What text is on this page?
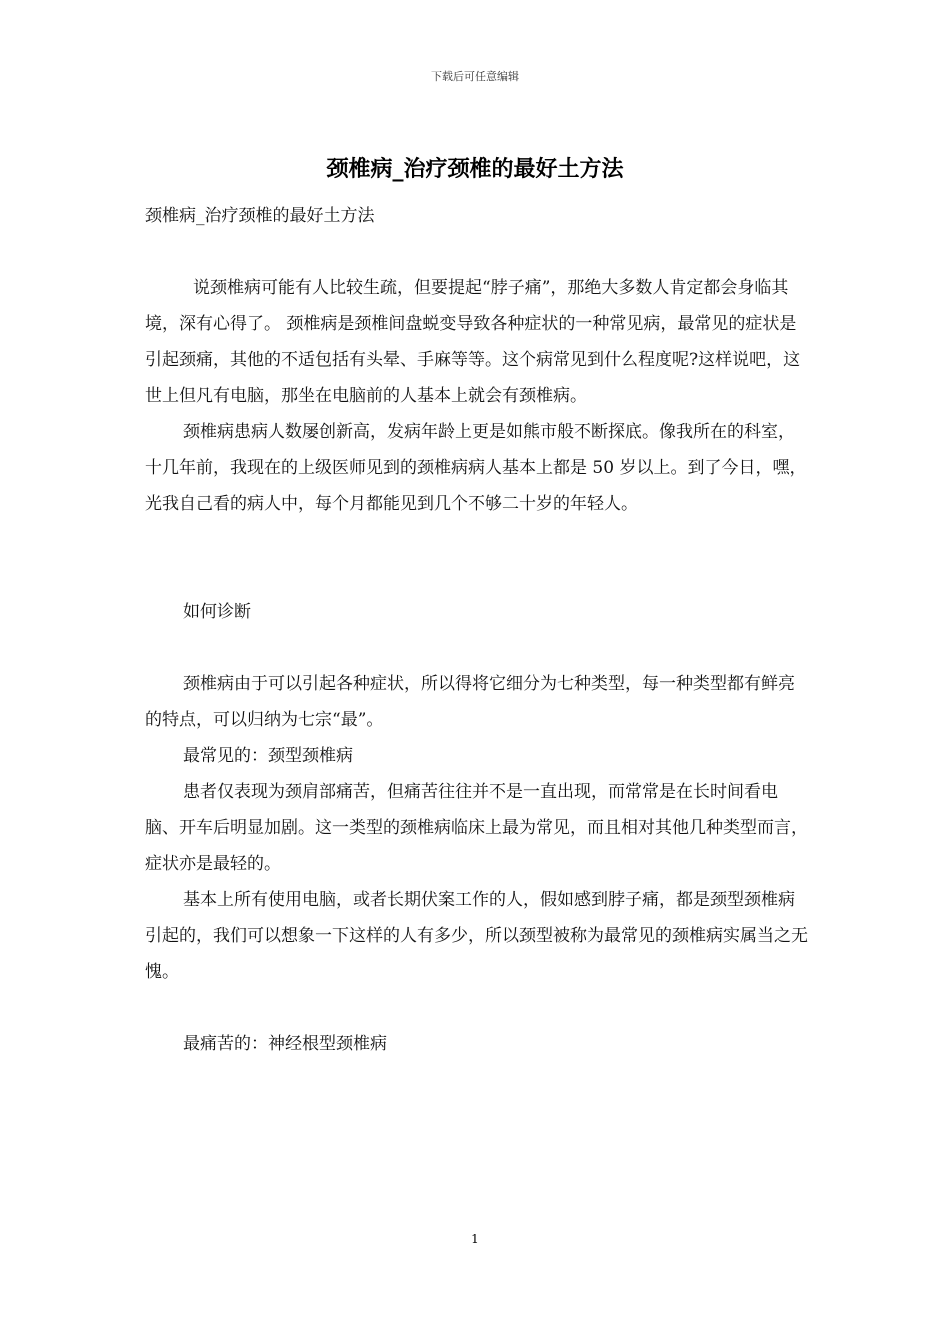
下载后可任意编辑
颈椎病_治疗颈椎的最好土方法

颈椎病_治疗颈椎的最好土方法

说颈椎病可能有人比较生疏，但要提起“脖子痛”，那绝大多数人肯定都会身临其境，深有心得了。 颈椎病是颈椎间盘蜕变导致各种症状的一种常见病，最常见的症状是引起颈痛，其他的不适包括有头晕、手麻等等。这个病常见到什么程度呢?这样说吧，这世上但凡有电脑，那坐在电脑前的人基本上就会有颈椎病。

颈椎病患病人数屡创新高，发病年龄上更是如熊市般不断探底。像我所在的科室，十几年前，我现在的上级医师见到的颈椎病病人基本上都是 50 岁以上。到了今日，嘿，光我自己看的病人中，每个月都能见到几个不够二十岁的年轻人。

如何诊断

颈椎病由于可以引起各种症状，所以得将它细分为七种类型，每一种类型都有鲜亮的特点，可以归纳为七宗“最”。

最常见的：颈型颈椎病

患者仅表现为颈肩部痛苦，但痛苦往往并不是一直出现，而常常是在长时间看电脑、开车后明显加剧。这一类型的颈椎病临床上最为常见，而且相对其他几种类型而言，症状亦是最轻的。

基本上所有使用电脑，或者长期伏案工作的人，假如感到脖子痛，都是颈型颈椎病引起的，我们可以想象一下这样的人有多少，所以颈型被称为最常见的颈椎病实属当之无愧。

最痛苦的：神经根型颈椎病

1
